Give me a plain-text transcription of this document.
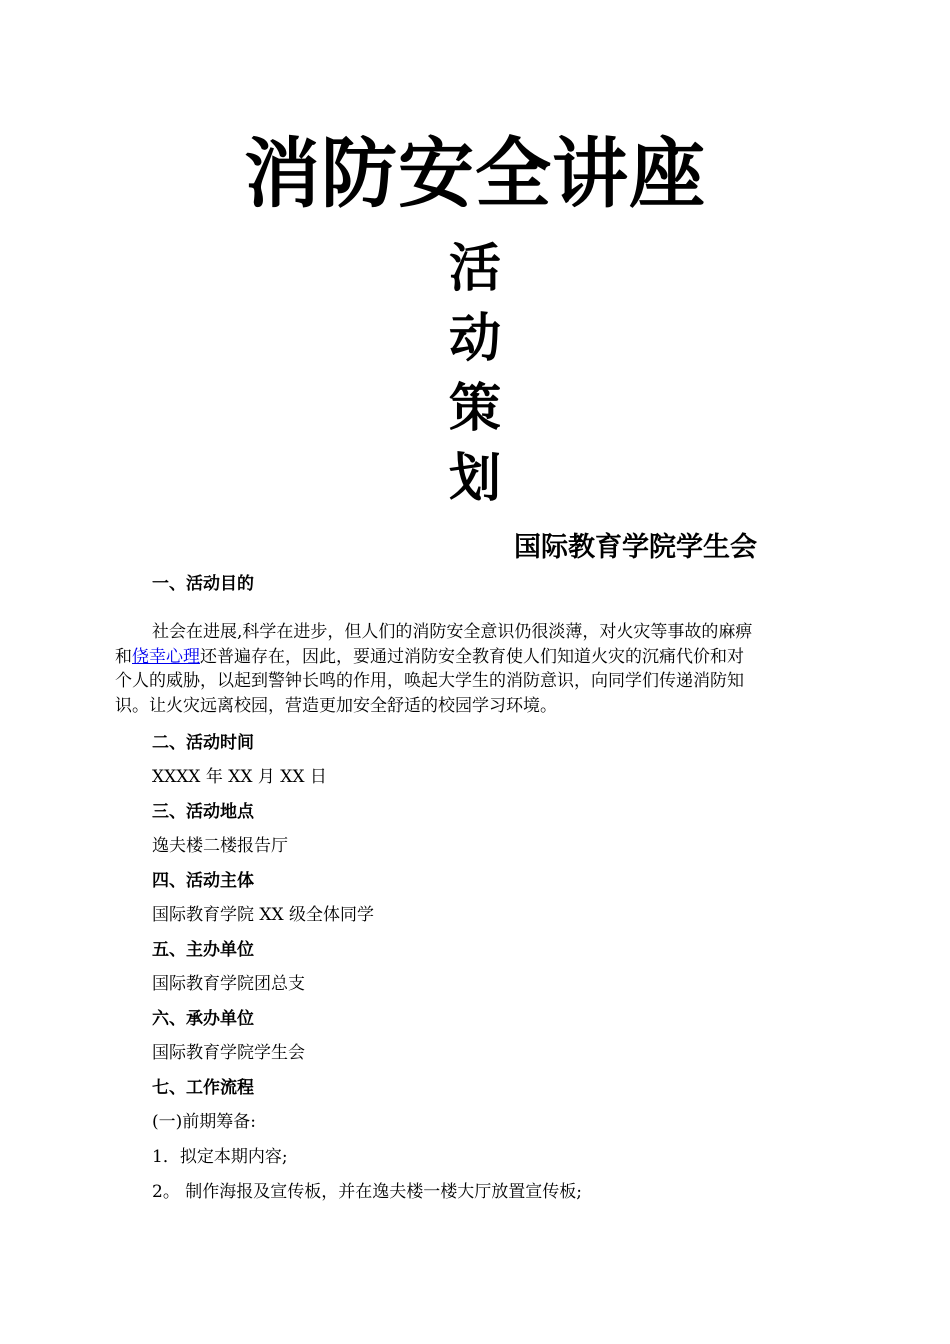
消防安全讲座
活
动
策
划
国际教育学院学生会
一、活动目的
社会在进展,科学在进步，但人们的消防安全意识仍很淡薄，对火灾等事故的麻痹
和侥幸心理还普遍存在，因此，要通过消防安全教育使人们知道火灾的沉痛代价和对
个人的威胁，以起到警钟长鸣的作用，唤起大学生的消防意识，向同学们传递消防知
识。让火灾远离校园，营造更加安全舒适的校园学习环境。
二、活动时间
XXXX 年 XX 月 XX 日
三、活动地点
逸夫楼二楼报告厅
四、活动主体
国际教育学院 XX 级全体同学
五、主办单位
国际教育学院团总支
六、承办单位
国际教育学院学生会
七、工作流程
(一)前期筹备:
1．拟定本期内容;
2。 制作海报及宣传板，并在逸夫楼一楼大厅放置宣传板;
